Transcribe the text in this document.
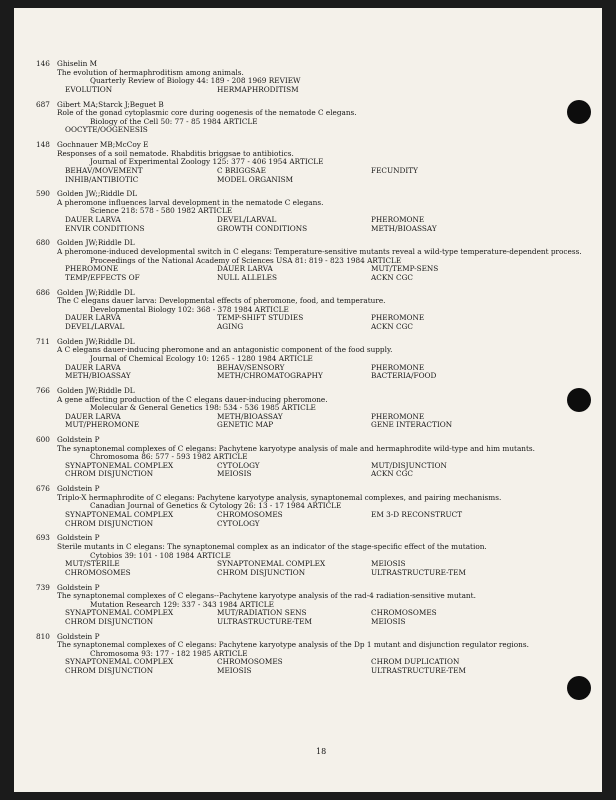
146 Ghiselin M
The evolution of hermaphroditism among animals.
Quarterly Review of Biology 44: 189 - 208 1969 REVIEW
EVOLUTION	HERMAPHRODITISM
687 Gibert MA;Starck J;Beguet B
Role of the gonad cytoplasmic core during oogenesis of the nematode C elegans.
Biology of the Cell 50: 77 - 85 1984 ARTICLE
OOCYTE/OOGENESIS
148 Gochnauer MB;McCoy E
Responses of a soil nematode. Rhabditis briggsae to antibiotics.
Journal of Experimental Zoology 125: 377 - 406 1954 ARTICLE
BEHAV/MOVEMENT	C BRIGGSAE	FECUNDITY
INHIB/ANTIBIOTIC	MODEL ORGANISM
590 Golden JW;;Riddle DL
A pheromone influences larval development in the nematode C elegans.
Science 218: 578 - 580 1982 ARTICLE
DAUER LARVA	DEVEL/LARVAL	PHEROMONE
ENVIR CONDITIONS	GROWTH CONDITIONS	METH/BIOASSAY
680 Golden JW;Riddle DL
A pheromone-induced developmental switch in C elegans: Temperature-sensitive mutants reveal a wild-type temperature-dependent process.
Proceedings of the National Academy of Sciences USA 81: 819 - 823 1984 ARTICLE
PHEROMONE	DAUER LARVA	MUT/TEMP-SENS
TEMP/EFFECTS OF	NULL ALLELES	ACKN CGC
686 Golden JW;Riddle DL
The C elegans dauer larva: Developmental effects of pheromone, food, and temperature.
Developmental Biology 102: 368 - 378 1984 ARTICLE
DAUER LARVA	TEMP-SHIFT STUDIES	PHEROMONE
DEVEL/LARVAL	AGING	ACKN CGC
711 Golden JW;Riddle DL
A C elegans dauer-inducing pheromone and an antagonistic component of the food supply.
Journal of Chemical Ecology 10: 1265 - 1280 1984 ARTICLE
DAUER LARVA	BEHAV/SENSORY	PHEROMONE
METH/BIOASSAY	METH/CHROMATOGRAPHY	BACTERIA/FOOD
766 Golden JW;Riddle DL
A gene affecting production of the C elegans dauer-inducing pheromone.
Molecular & General Genetics 198: 534 - 536 1985 ARTICLE
DAUER LARVA	METH/BIOASSAY	PHEROMONE
MUT/PHEROMONE	GENETIC MAP	GENE INTERACTION
600 Goldstein P
The synaptonemal complexes of C elegans: Pachytene karyotype analysis of male and hermaphrodite wild-type and him mutants.
Chromosoma 86: 577 - 593 1982 ARTICLE
SYNAPTONEMAL COMPLEX	CYTOLOGY	MUT/DISJUNCTION
CHROM DISJUNCTION	MEIOSIS	ACKN CGC
676 Goldstein P
Triplo-X hermaphrodite of C elegans: Pachytene karyotype analysis, synaptonemal complexes, and pairing mechanisms.
Canadian Journal of Genetics & Cytology 26: 13 - 17 1984 ARTICLE
SYNAPTONEMAL COMPLEX	CHROMOSOMES	EM 3-D RECONSTRUCT
CHROM DISJUNCTION	CYTOLOGY
693 Goldstein P
Sterile mutants in C elegans: The synaptonemal complex as an indicator of the stage-specific effect of the mutation.
Cytobios 39: 101 - 108 1984 ARTICLE
MUT/STERILE	SYNAPTONEMAL COMPLEX	MEIOSIS
CHROMOSOMES	CHROM DISJUNCTION	ULTRASTRUCTURE-TEM
739 Goldstein P
The synaptonemal complexes of C elegans--Pachytene karyotype analysis of the rad-4 radiation-sensitive mutant.
Mutation Research 129: 337 - 343 1984 ARTICLE
SYNAPTONEMAL COMPLEX	MUT/RADIATION SENS	CHROMOSOMES
CHROM DISJUNCTION	ULTRASTRUCTURE-TEM	MEIOSIS
810 Goldstein P
The synaptonemal complexes of C elegans: Pachytene karyotype analysis of the Dp 1 mutant and disjunction regulator regions.
Chromosoma 93: 177 - 182 1985 ARTICLE
SYNAPTONEMAL COMPLEX	CHROMOSOMES	CHROM DUPLICATION
CHROM DISJUNCTION	MEIOSIS	ULTRASTRUCTURE-TEM
18
